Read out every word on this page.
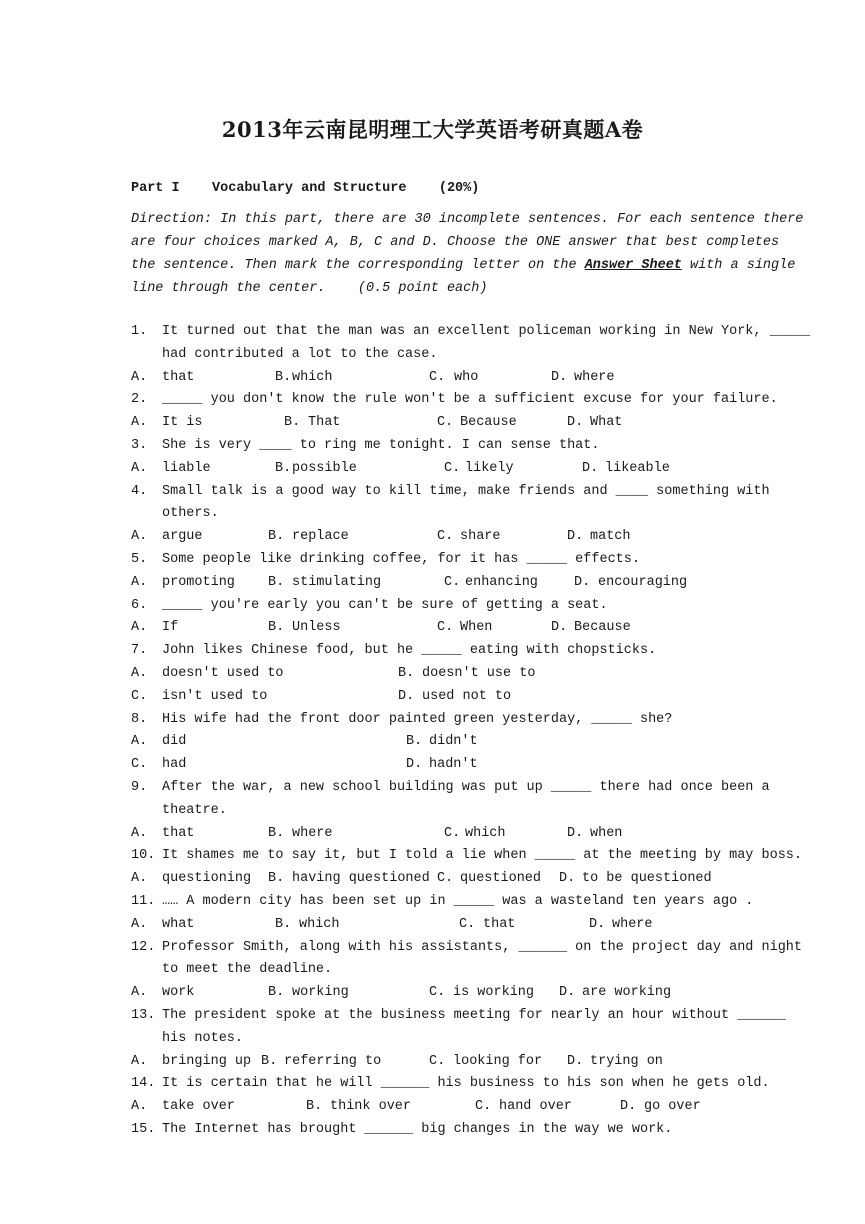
2013年云南昆明理工大学英语考研真题A卷
Part I    Vocabulary and Structure    (20%)
Direction: In this part, there are 30 incomplete sentences. For each sentence there
are four choices marked A, B, C and D. Choose the ONE answer that best completes
the sentence. Then mark the corresponding letter on the Answer Sheet with a single
line through the center.    (0.5 point each)
1. It turned out that the man was an excellent policeman working in New York, _____
had contributed a lot to the case.
A. that	B. which	C. who	D. where
2. _____ you don't know the rule won't be a sufficient excuse for your failure.
A. It is	B. That	C. Because	D. What
3. She is very ____ to ring me tonight. I can sense that.
A. liable	B. possible	C. likely	D. likeable
4. Small talk is a good way to kill time, make friends and ____ something with
others.
A. argue	B. replace	C. share	D. match
5. Some people like drinking coffee, for it has _____ effects.
A. promoting B. stimulating	C. enhancing	D. encouraging
6. _____ you're early you can't be sure of getting a seat.
A. If	B. Unless	C. When	D. Because
7. John likes Chinese food, but he _____ eating with chopsticks.
A. doesn't used to	B. doesn't use to
C. isn't used to	D. used not to
8. His wife had the front door painted green yesterday, _____ she?
A. did	B. didn't
C. had	D. hadn't
9. After the war, a new school building was put up _____ there had once been a
theatre.
A. that	B. where	C. which	D. when
10. It shames me to say it, but I told a lie when _____ at the meeting by may boss.
A. questioning B. having questioned C. questioned D. to be questioned
11. …… A modern city has been set up in _____ was a wasteland ten years ago .
A. what	B. which	C. that	D. where
12. Professor Smith, along with his assistants, ______ on the project day and night
to meet the deadline.
A. work	B. working	C. is working D. are working
13. The president spoke at the business meeting for nearly an hour without ______
his notes.
A. bringing up B. referring to	C. looking for D. trying on
14. It is certain that he will ______ his business to his son when he gets old.
A. take over	B. think over	C. hand over	D. go over
15. The Internet has brought ______ big changes in the way we work.
